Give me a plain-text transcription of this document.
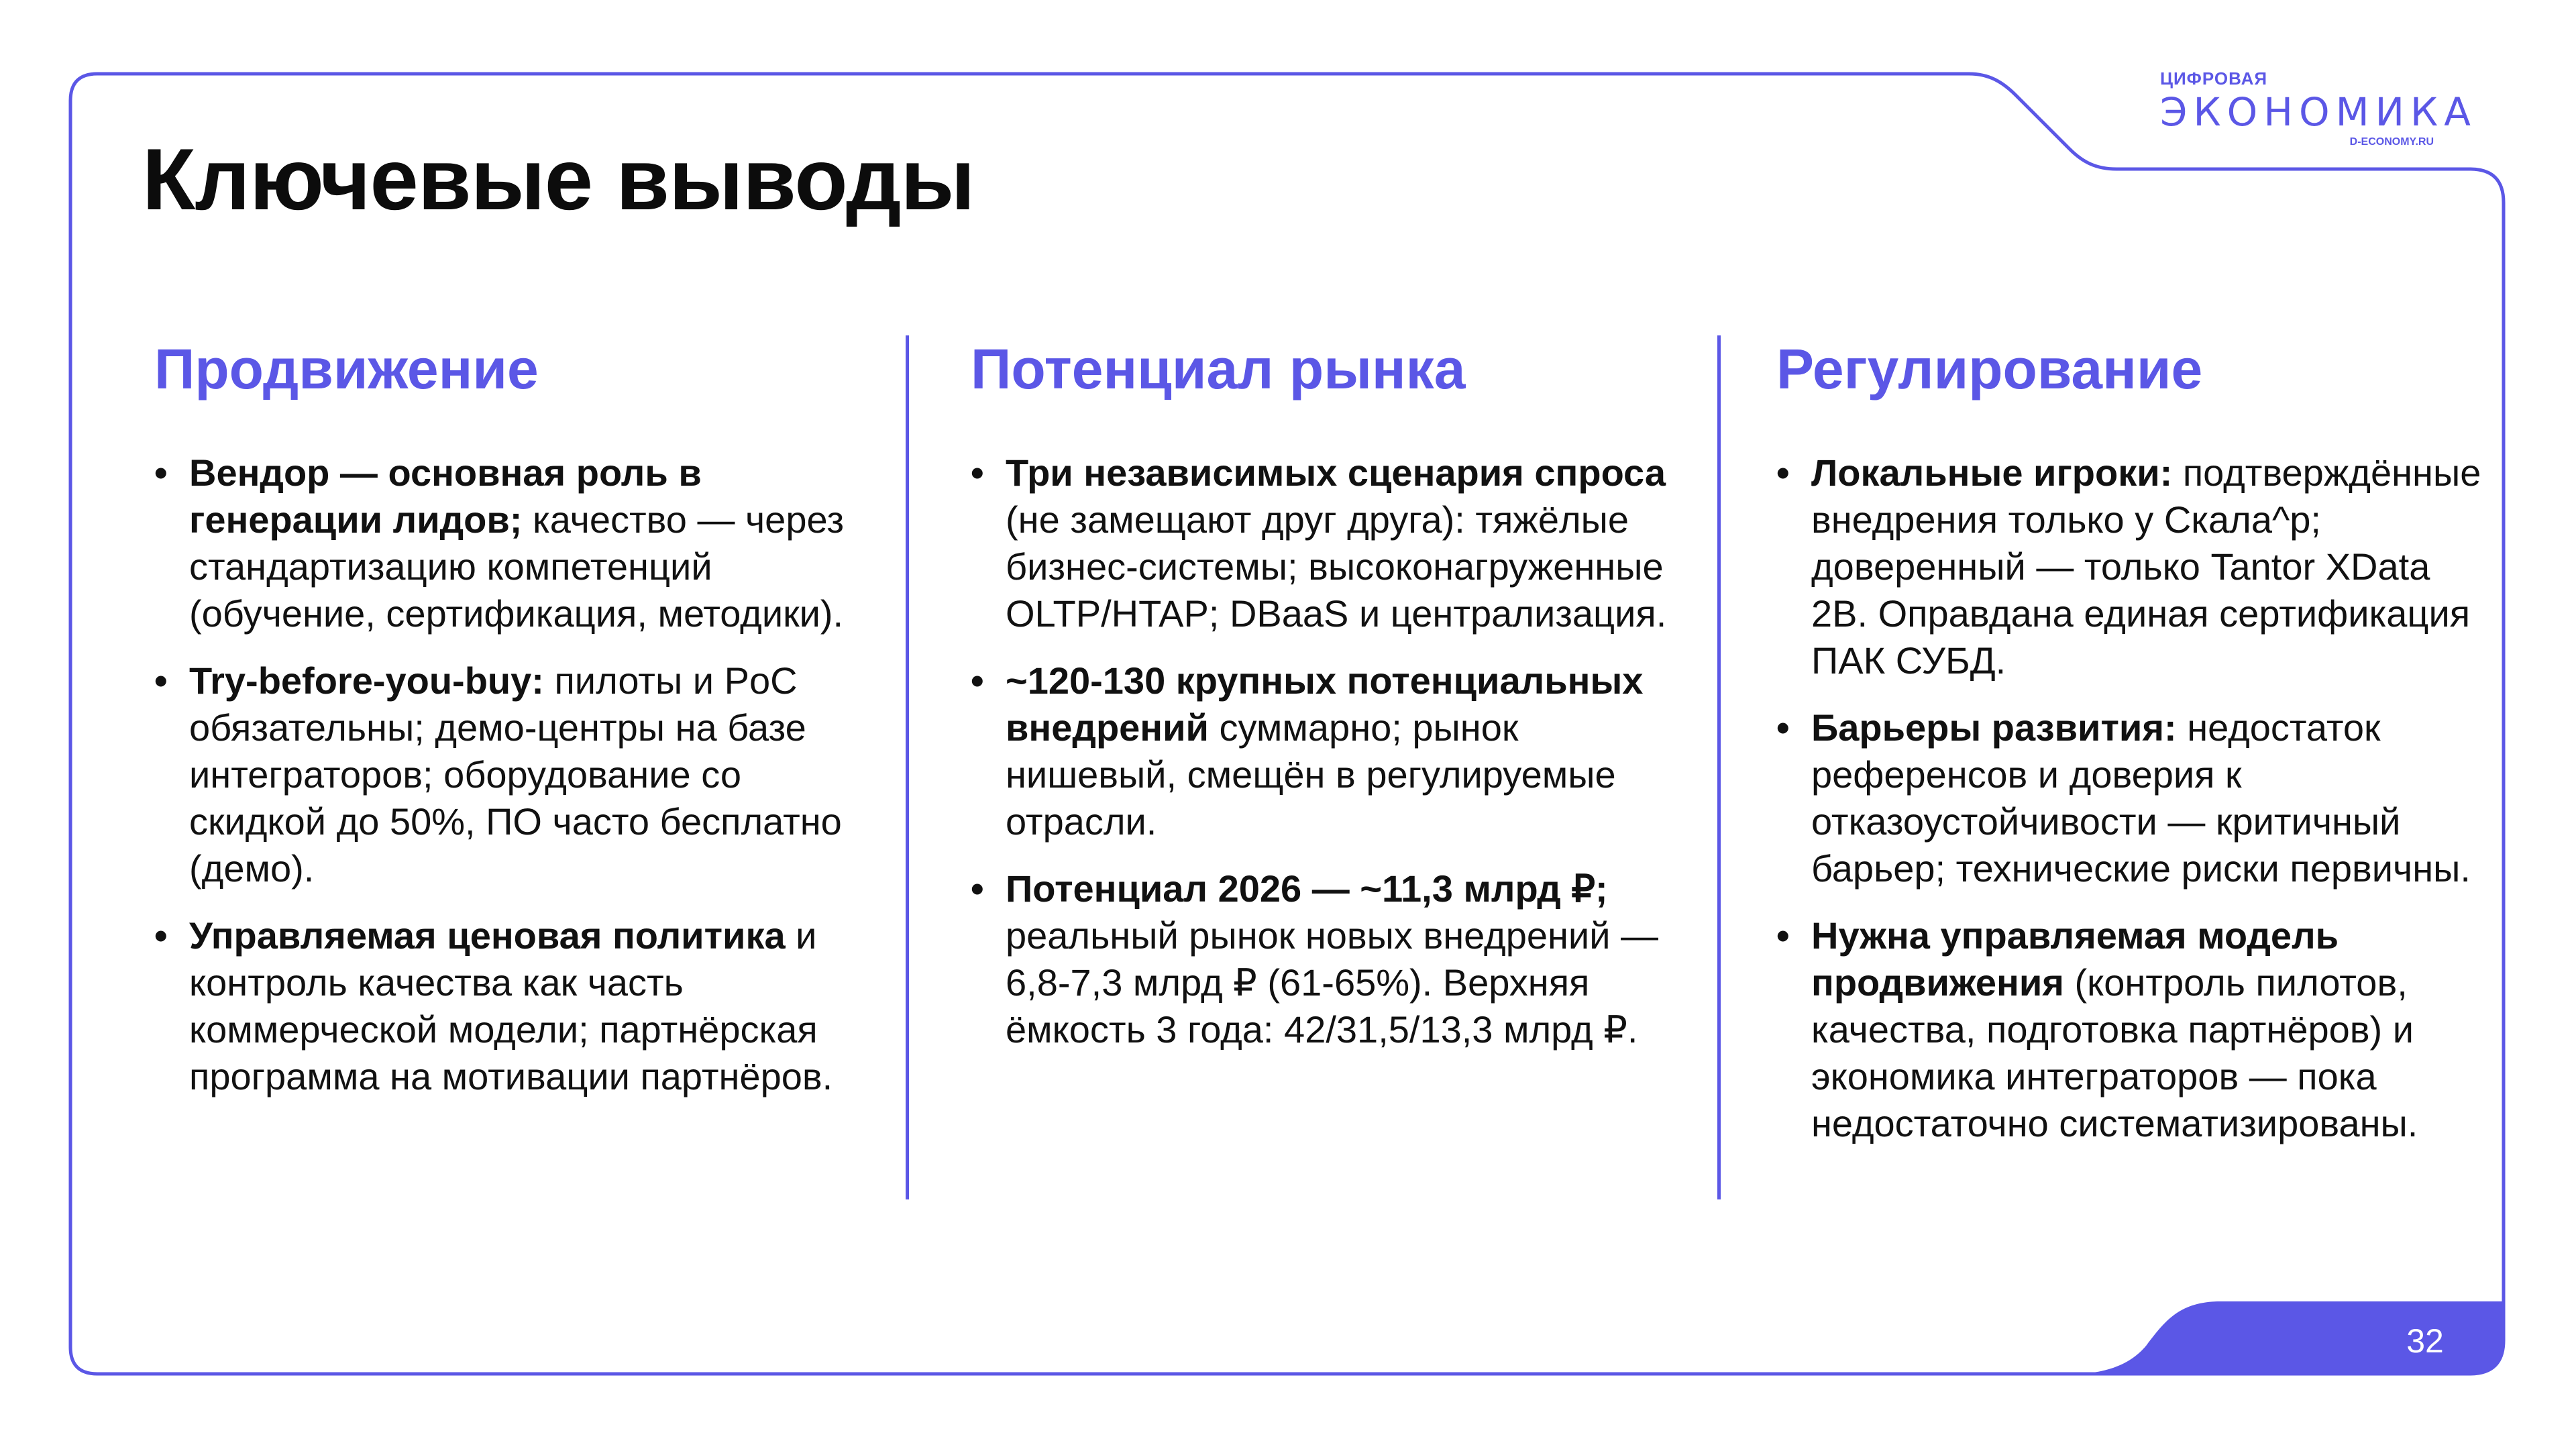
ЦИФРОВАЯ
ЭКОНОМИКА
D-ECONOMY.RU
Ключевые выводы
Продвижение
• Вендор — основная роль в генерации лидов; качество — через стандартизацию компетенций (обучение, сертификация, методики).
• Try-before-you-buy: пилоты и PoC обязательны; демо-центры на базе интеграторов; оборудование со скидкой до 50%, ПО часто бесплатно (демо).
• Управляемая ценовая политика и контроль качества как часть коммерческой модели; партнёрская программа на мотивации партнёров.
Потенциал рынка
• Три независимых сценария спроса (не замещают друг друга): тяжёлые бизнес-системы; высоконагруженные OLTP/HTAP; DBaaS и централизация.
• ~120-130 крупных потенциальных внедрений суммарно; рынок нишевый, смещён в регулируемые отрасли.
• Потенциал 2026 — ~11,3 млрд ₽; реальный рынок новых внедрений — 6,8-7,3 млрд ₽ (61-65%). Верхняя ёмкость 3 года: 42/31,5/13,3 млрд ₽.
Регулирование
• Локальные игроки: подтверждённые внедрения только у Скала^р; доверенный — только Tantor XData 2B. Оправдана единая сертификация ПАК СУБД.
• Барьеры развития: недостаток референсов и доверия к отказоустойчивости — критичный барьер; технические риски первичны.
• Нужна управляемая модель продвижения (контроль пилотов, качества, подготовка партнёров) и экономика интеграторов — пока недостаточно систематизированы.
32
